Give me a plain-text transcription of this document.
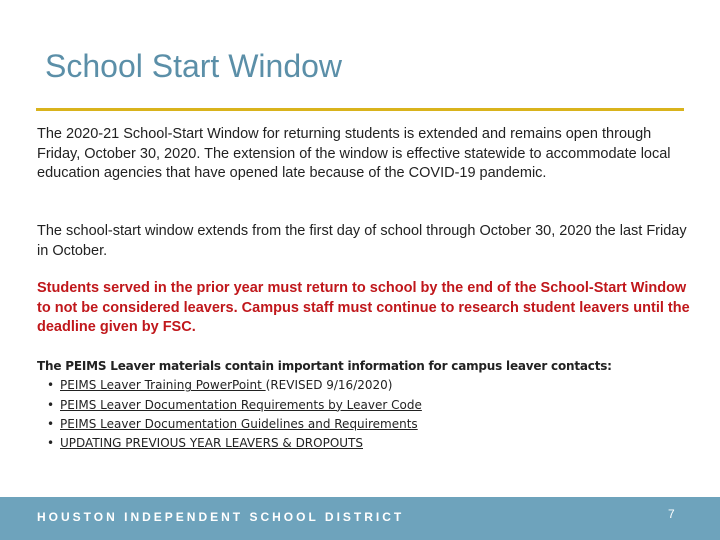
School Start Window

The 2020-21 School-Start Window for returning students is extended and remains open through Friday, October 30, 2020. The extension of the window is effective statewide to accommodate local education agencies that have opened late because of the COVID-19 pandemic.

The school-start window extends from the first day of school through October 30, 2020 the last Friday in October.

Students served in the prior year must return to school by the end of the School-Start Window to not be considered leavers. Campus staff must continue to research student leavers until the deadline given by FSC.

The PEIMS Leaver materials contain important information for campus leaver contacts:
• PEIMS Leaver Training PowerPoint (REVISED 9/16/2020)
• PEIMS Leaver Documentation Requirements by Leaver Code
• PEIMS Leaver Documentation Guidelines and Requirements
• UPDATING PREVIOUS YEAR LEAVERS & DROPOUTS
HOUSTON INDEPENDENT SCHOOL DISTRICT	7
